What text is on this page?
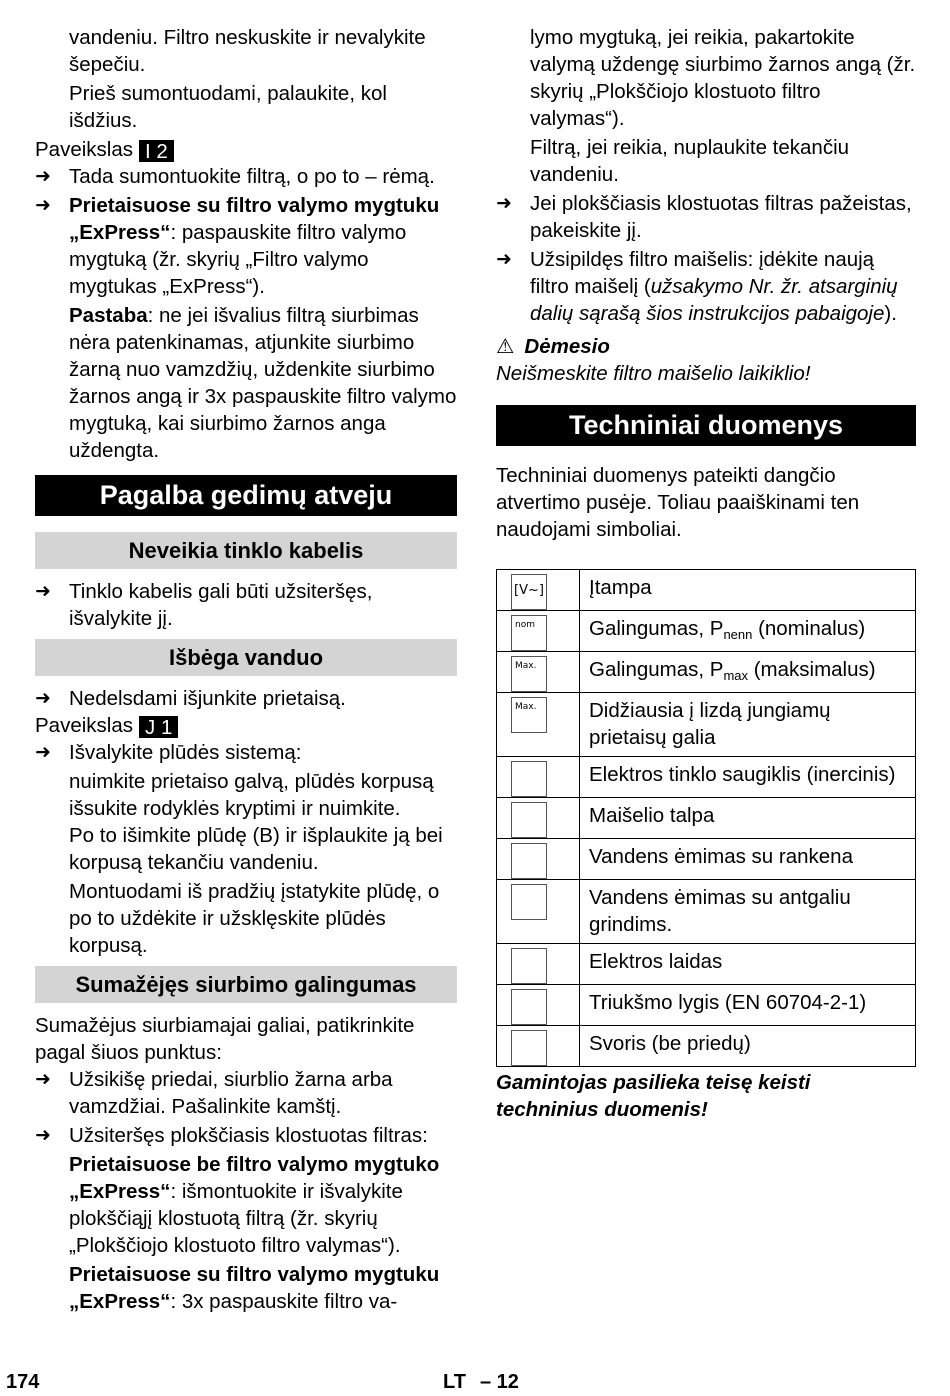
vandeniu. Filtro neskuskite ir nevalykite šepečiu.

Prieš sumontuodami, palaukite, kol išdžius.

Paveikslas I 2

➜ Tada sumontuokite filtrą, o po to – rėmą.

➜ Prietaisuose su filtro valymo mygtuku „ExPress“: paspauskite filtro valymo mygtuką (žr. skyrių „Filtro valymo mygtukas „ExPress“).

Pastaba: ne jei išvalius filtrą siurbimas nėra patenkinamas, atjunkite siurbimo žarną nuo vamzdžių, uždenkite siurbimo žarnos angą ir 3x paspauskite filtro valymo mygtuką, kai siurbimo žarnos anga uždengta.

Pagalba gedimų atveju
Neveikia tinklo kabelis

➜ Tinklo kabelis gali būti užsiteršęs, išvalykite jį.

Išbėga vanduo

➜ Nedelsdami išjunkite prietaisą.

Paveikslas J 1

➜ Išvalykite plūdės sistemą:

nuimkite prietaiso galvą, plūdės korpusą išsukite rodyklės kryptimi ir nuimkite.

Po to išimkite plūdę (B) ir išplaukite ją bei korpusą tekančiu vandeniu.

Montuodami iš pradžių įstatykite plūdę, o po to uždėkite ir užsklęskite plūdės korpusą.

Sumažėjęs siurbimo galingumas

Sumažėjus siurbiamajai galiai, patikrinkite pagal šiuos punktus:

➜ Užsikišę priedai, siurblio žarna arba vamzdžiai. Pašalinkite kamštį.

➜ Užsiteršęs plokščiasis klostuotas filtras:

Prietaisuose be filtro valymo mygtuko „ExPress“: išmontuokite ir išvalykite plokščiąjį klostuotą filtrą (žr. skyrių „Plokščiojo klostuoto filtro valymas“).

Prietaisuose su filtro valymo mygtuku „ExPress“: 3x paspauskite filtro va-

lymo mygtuką, jei reikia, pakartokite valymą uždengę siurbimo žarnos angą (žr. skyrių „Plokščiojo klostuoto filtro valymas“).

Filtrą, jei reikia, nuplaukite tekančiu vandeniu.

➜ Jei plokščiasis klostuotas filtras pažeistas, pakeiskite jį.

➜ Užsipildęs filtro maišelis: įdėkite naują filtro maišelį (užsakymo Nr. žr. atsarginių dalių sąrašą šios instrukcijos pabaigoje).

⚠ Dėmesio

Neišmeskite filtro maišelio laikiklio!

Techniniai duomenys

Techniniai duomenys pateikti dangčio atvertimo pusėje. Toliau paaiškinami ten naudojami simboliai.

[V~]	Įtampa

nom	Galingumas, $P_{nenn}$ (nominalus)

Max.	Galingumas, $P_{max}$ (maksimalus)

Max.	Didžiausia į lizdą jungiamų prietaisų galia

	Elektros tinklo saugiklis (inercinis)

	Maišelio talpa

	Vandens ėmimas su rankena

	Vandens ėmimas su antgaliu grindims.

	Elektros laidas

	Triukšmo lygis (EN 60704-2-1)

	Svoris (be priedų)

Gamintojas pasilieka teisę keisti techninius duomenis!

174	LT – 12
